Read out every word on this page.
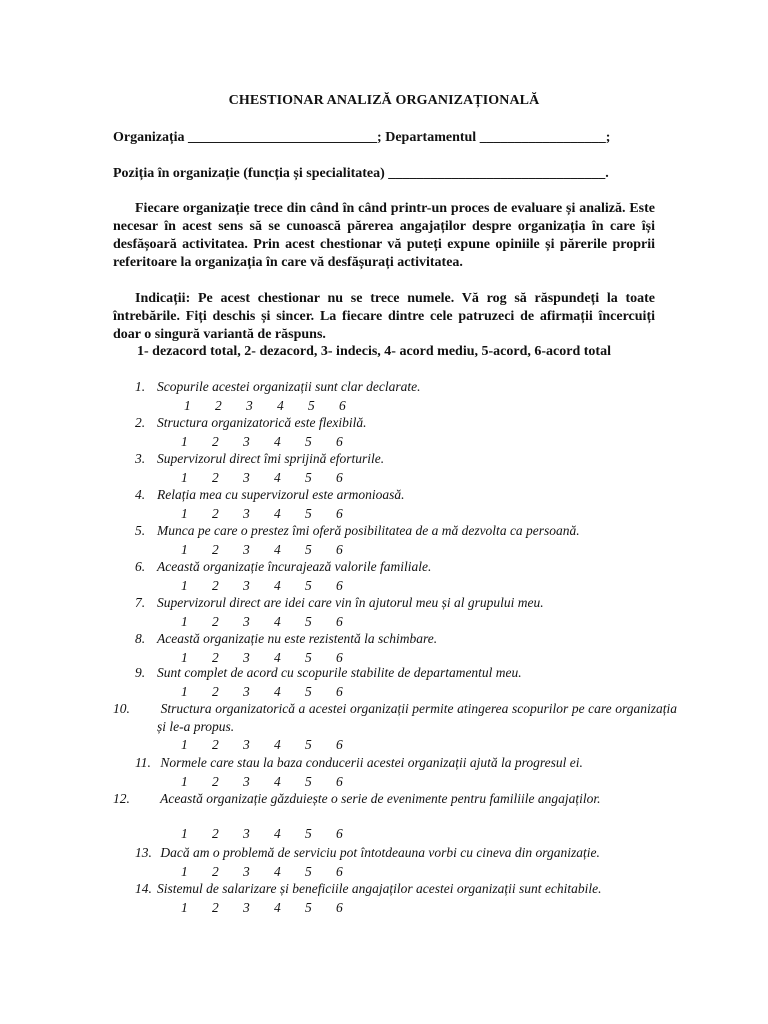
CHESTIONAR ANALIZĂ ORGANIZAȚIONALĂ
Organizația ___________________________; Departamentul __________________;
Poziția în organizație (funcția și specialitatea) _______________________________.

Fiecare organizație trece din când în când printr-un proces de evaluare și analiză. Este necesar în acest sens să se cunoască părerea angajaților despre organizația în care își desfășoară activitatea. Prin acest chestionar vă puteți expune opiniile și părerile proprii referitoare la organizația în care vă desfășurați activitatea.

Indicații: Pe acest chestionar nu se trece numele. Vă rog să răspundeți la toate întrebările. Fiți deschis și sincer. La fiecare dintre cele patruzeci de afirmații încercuiți doar o singură variantă de răspuns.

1- dezacord total, 2- dezacord, 3- indecis, 4- acord mediu, 5-acord, 6-acord total

1. Scopurile acestei organizații sunt clar declarate.

1 2 3 4 5 6

2. Structura organizatorică este flexibilă.

1 2 3 4 5 6

3. Supervizorul direct îmi sprijină eforturile.

1 2 3 4 5 6

4. Relația mea cu supervizorul este armonioasă.

1 2 3 4 5 6

5. Munca pe care o prestez îmi oferă posibilitatea de a mă dezvolta ca persoană.

1 2 3 4 5 6

6. Această organizație încurajează valorile familiale.

1 2 3 4 5 6

7. Supervizorul direct are idei care vin în ajutorul meu și al grupului meu.

1 2 3 4 5 6

8. Această organizație nu este rezistentă la schimbare.

1 2 3 4 5 6

9. Sunt complet de acord cu scopurile stabilite de departamentul meu.

1 2 3 4 5 6

10. Structura organizatorică a acestei organizații permite atingerea scopurilor pe care organizația și le-a propus.

1 2 3 4 5 6

11. Normele care stau la baza conducerii acestei organizații ajută la progresul ei.

1 2 3 4 5 6

12. Această organizație găzduiește o serie de evenimente pentru familiile angajaților.

1 2 3 4 5 6

13. Dacă am o problemă de serviciu pot întotdeauna vorbi cu cineva din organizație.

1 2 3 4 5 6

14. Sistemul de salarizare și beneficiile angajaților acestei organizații sunt echitabile.

1 2 3 4 5 6
